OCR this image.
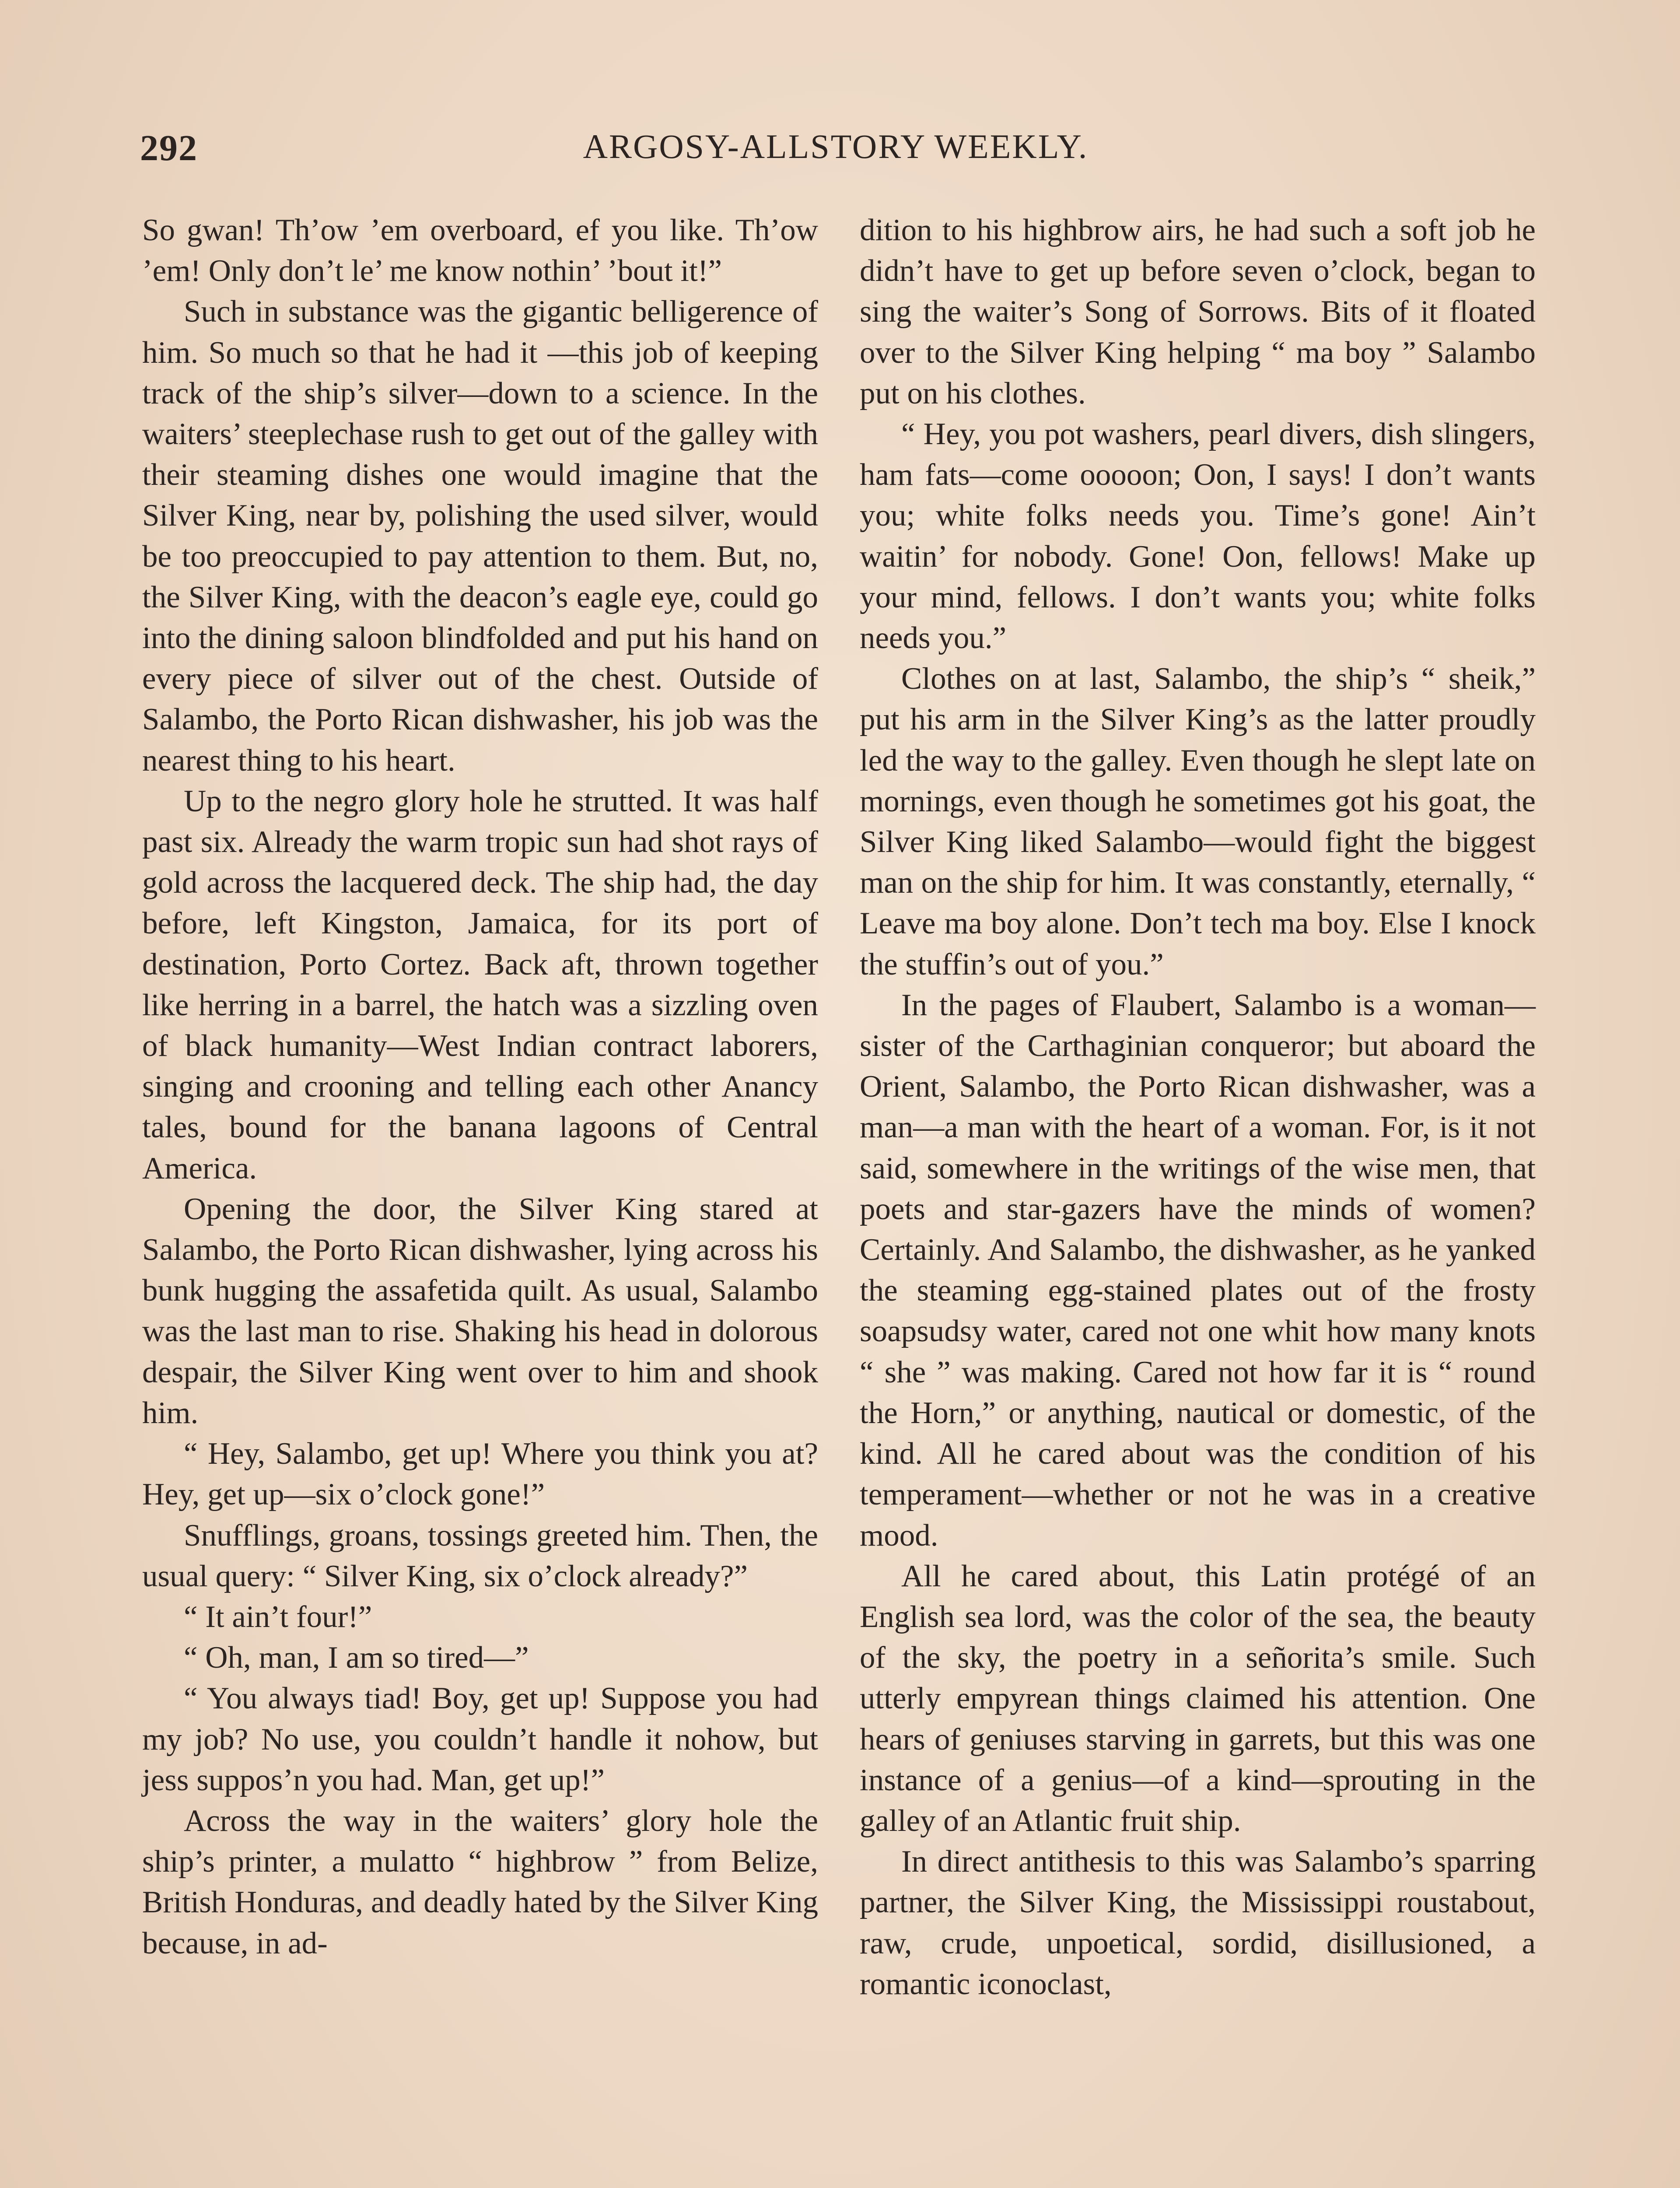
292	ARGOSY-ALLSTORY WEEKLY.

So gwan! Th’ow ’em overboard, ef you like. Th’ow ’em! Only don’t le’ me know nothin’ ’bout it!”

Such in substance was the gigantic belligerence of him. So much so that he had it —this job of keeping track of the ship’s silver—down to a science. In the waiters’ steeplechase rush to get out of the galley with their steaming dishes one would imagine that the Silver King, near by, polishing the used silver, would be too preoccupied to pay attention to them. But, no, the Silver King, with the deacon’s eagle eye, could go into the dining saloon blindfolded and put his hand on every piece of silver out of the chest. Outside of Salambo, the Porto Rican dishwasher, his job was the nearest thing to his heart.

Up to the negro glory hole he strutted. It was half past six. Already the warm tropic sun had shot rays of gold across the lacquered deck. The ship had, the day before, left Kingston, Jamaica, for its port of destination, Porto Cortez. Back aft, thrown together like herring in a barrel, the hatch was a sizzling oven of black humanity—West Indian contract laborers, singing and crooning and telling each other Anancy tales, bound for the banana lagoons of Central America.

Opening the door, the Silver King stared at Salambo, the Porto Rican dishwasher, lying across his bunk hugging the assafetida quilt. As usual, Salambo was the last man to rise. Shaking his head in dolorous despair, the Silver King went over to him and shook him.

“ Hey, Salambo, get up! Where you think you at? Hey, get up—six o’clock gone!”

Snufflings, groans, tossings greeted him. Then, the usual query: “ Silver King, six o’clock already?”

“ It ain’t four!”

“ Oh, man, I am so tired—”

“ You always tiad! Boy, get up! Suppose you had my job? No use, you couldn’t handle it nohow, but jess suppos’n you had. Man, get up!”

Across the way in the waiters’ glory hole the ship’s printer, a mulatto “ highbrow ” from Belize, British Honduras, and deadly hated by the Silver King because, in ad-

dition to his highbrow airs, he had such a soft job he didn’t have to get up before seven o’clock, began to sing the waiter’s Song of Sorrows. Bits of it floated over to the Silver King helping “ ma boy ” Salambo put on his clothes.

“ Hey, you pot washers, pearl divers, dish slingers, ham fats—come ooooon; Oon, I says! I don’t wants you; white folks needs you. Time’s gone! Ain’t waitin’ for nobody. Gone! Oon, fellows! Make up your mind, fellows. I don’t wants you; white folks needs you.”

Clothes on at last, Salambo, the ship’s “ sheik,” put his arm in the Silver King’s as the latter proudly led the way to the galley. Even though he slept late on mornings, even though he sometimes got his goat, the Silver King liked Salambo—would fight the biggest man on the ship for him. It was constantly, eternally, “ Leave ma boy alone. Don’t tech ma boy. Else I knock the stuffin’s out of you.”

In the pages of Flaubert, Salambo is a woman—sister of the Carthaginian conqueror; but aboard the Orient, Salambo, the Porto Rican dishwasher, was a man—a man with the heart of a woman. For, is it not said, somewhere in the writings of the wise men, that poets and star-gazers have the minds of women? Certainly. And Salambo, the dishwasher, as he yanked the steaming egg-stained plates out of the frosty soapsudsy water, cared not one whit how many knots “ she ” was making. Cared not how far it is “ round the Horn,” or anything, nautical or domestic, of the kind. All he cared about was the condition of his temperament—whether or not he was in a creative mood.

All he cared about, this Latin protégé of an English sea lord, was the color of the sea, the beauty of the sky, the poetry in a señorita’s smile. Such utterly empyrean things claimed his attention. One hears of geniuses starving in garrets, but this was one instance of a genius—of a kind—sprouting in the galley of an Atlantic fruit ship.

In direct antithesis to this was Salambo’s sparring partner, the Silver King, the Mississippi roustabout, raw, crude, unpoetical, sordid, disillusioned, a romantic iconoclast,
